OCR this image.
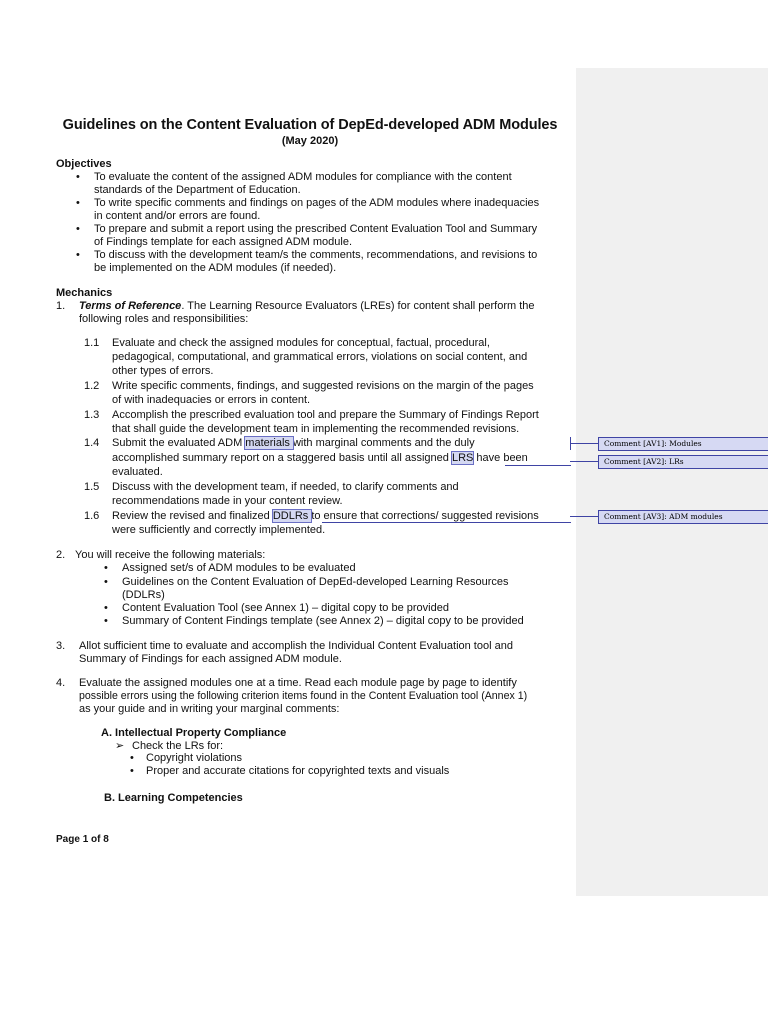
Guidelines on the Content Evaluation of DepEd-developed ADM Modules
(May 2020)
Objectives
•	To evaluate the content of the assigned ADM modules for compliance with the content
standards of the Department of Education.
•	To write specific comments and findings on pages of the ADM modules where inadequacies
in content and/or errors are found.
•	To prepare and submit a report using the prescribed Content Evaluation Tool and Summary
of Findings template for each assigned ADM module.
•	To discuss with the development team/s the comments, recommendations, and revisions to
be implemented on the ADM modules (if needed).
Mechanics
1. Terms of Reference. The Learning Resource Evaluators (LREs) for content shall perform the
following roles and responsibilities:
1.1 Evaluate and check the assigned modules for conceptual, factual, procedural,
pedagogical, computational, and grammatical errors, violations on social content, and
other types of errors.
1.2 Write specific comments, findings, and suggested revisions on the margin of the pages
of with inadequacies or errors in content.
1.3 Accomplish the prescribed evaluation tool and prepare the Summary of Findings Report
that shall guide the development team in implementing the recommended revisions.
1.4 Submit the evaluated ADM materials with marginal comments and the duly
accomplished summary report on a staggered basis until all assigned LRS have been
evaluated.
1.5 Discuss with the development team, if needed, to clarify comments and
recommendations made in your content review.
1.6 Review the revised and finalized DDLRs to ensure that corrections/ suggested revisions
were sufficiently and correctly implemented.
2. You will receive the following materials:
•	Assigned set/s of ADM modules to be evaluated
•	Guidelines on the Content Evaluation of DepEd-developed Learning Resources
(DDLRs)
•	Content Evaluation Tool (see Annex 1) – digital copy to be provided
•	Summary of Content Findings template (see Annex 2) – digital copy to be provided
3. Allot sufficient time to evaluate and accomplish the Individual Content Evaluation tool and
Summary of Findings for each assigned ADM module.
4. Evaluate the assigned modules one at a time. Read each module page by page to identify
possible errors using the following criterion items found in the Content Evaluation tool (Annex 1)
as your guide and in writing your marginal comments:
A. Intellectual Property Compliance
➢ Check the LRs for:
•	Copyright violations
•	Proper and accurate citations for copyrighted texts and visuals
B. Learning Competencies
Page 1 of 8
Comment [AV1]: Modules
Comment [AV2]: LRs
Comment [AV3]: ADM modules
